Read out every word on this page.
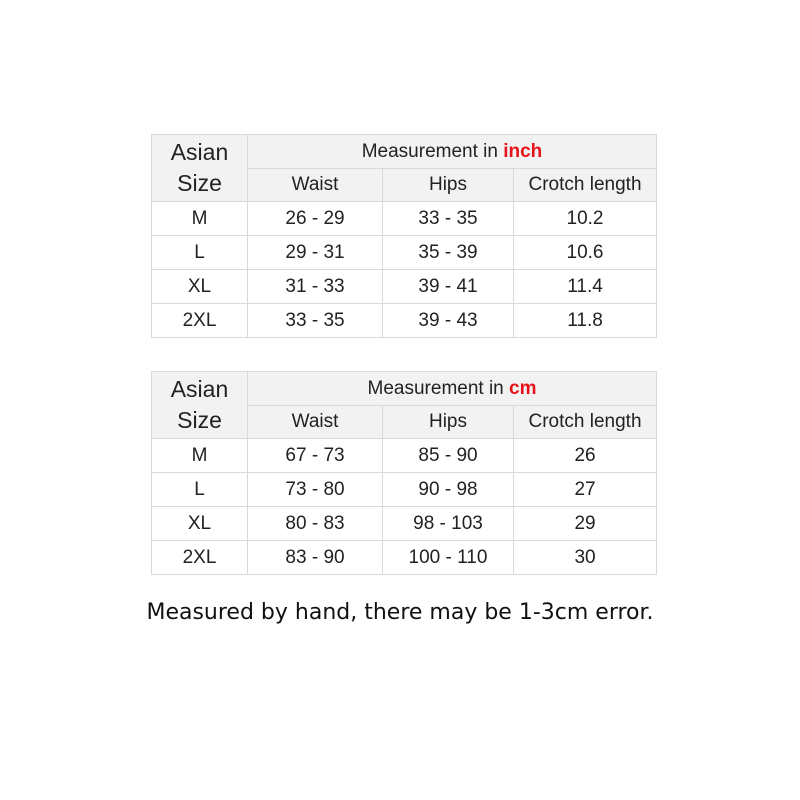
Asian
Size	Measurement in inch		
	Waist	Hips	Crotch length
M	26 - 29	33 - 35	10.2
L	29 - 31	35 - 39	10.6
XL	31 - 33	39 - 41	11.4
2XL	33 - 35	39 - 43	11.8
Asian
Size	Measurement in cm		
	Waist	Hips	Crotch length
M	67 - 73	85 - 90	26
L	73 - 80	90 - 98	27
XL	80 - 83	98 - 103	29
2XL	83 - 90	100 - 110	30
Measured by hand, there may be 1-3cm error.
